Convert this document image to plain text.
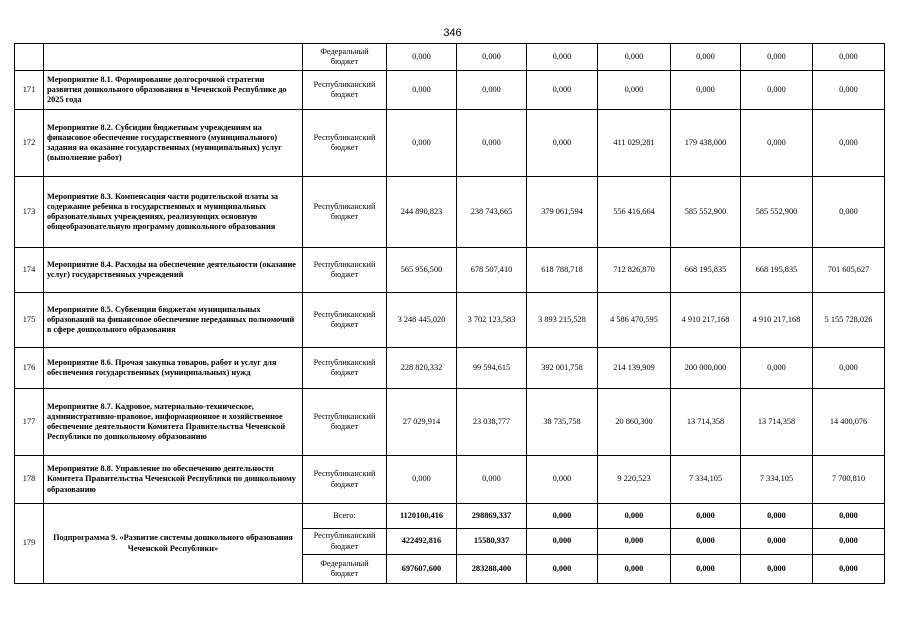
346
		Федеральный бюджет	0,000	0,000	0,000	0,000	0,000	0,000	0,000
171	Мероприятие 8.1. Формирование долгосрочной стратегии развития дошкольного образования в Чеченской Республике до 2025 года	Республиканский бюджет	0,000	0,000	0,000	0,000	0,000	0,000	0,000
172	Мероприятие 8.2. Субсидии бюджетным учреждениям на финансовое обеспечение государственного (муниципального) задания на оказание государственных (муниципальных) услуг (выполнение работ)	Республиканский бюджет	0,000	0,000	0,000	411 029,281	179 438,000	0,000	0,000
173	Мероприятие 8.3. Компенсация части родительской платы за содержание ребенка в государственных и муниципальных образовательных учреждениях, реализующих основную общеобразовательную программу дошкольного образования	Республиканский бюджет	244 890,823	238 743,665	379 061,594	556 416,664	585 552,900	585 552,900	0,000
174	Мероприятие 8.4. Расходы на обеспечение деятельности (оказание услуг) государственных учреждений	Республиканский бюджет	565 956,500	678 507,410	618 788,718	712 826,870	668 195,835	668 195,835	701 605,627
175	Мероприятие 8.5. Субвенции бюджетам муниципальных образований на финансовое обеспечение переданных полномочий в сфере дошкольного образования	Республиканский бюджет	3 248 445,020	3 702 123,583	3 893 215,528	4 586 470,595	4 910 217,168	4 910 217,168	5 155 728,026
176	Мероприятие 8.6. Прочая закупка товаров, работ и услуг для обеспечения государственных (муниципальных) нужд	Республиканский бюджет	228 820,332	99 594,615	392 001,758	214 139,909	200 000,000	0,000	0,000
177	Мероприятие 8.7. Кадровое, материально-техническое, административно-правовое, информационное и хозяйственное обеспечение деятельности Комитета Правительства Чеченской Республики по дошкольному образованию	Республиканский бюджет	27 029,914	23 038,777	38 735,758	20 860,300	13 714,358	13 714,358	14 400,076
178	Мероприятие 8.8. Управление по обеспечению деятельности Комитета Правительства Чеченской Республики по дошкольному образованию	Республиканский бюджет	0,000	0,000	0,000	9 220,523	7 334,105	7 334,105	7 700,810
179	Подпрограмма 9. «Развитие системы дошкольного образования Чеченской Республики»	Всего:	1120100,416	298869,337	0,000	0,000	0,000	0,000	0,000
		Республиканский бюджет	422492,816	15580,937	0,000	0,000	0,000	0,000	0,000
		Федеральный бюджет	697607,600	283288,400	0,000	0,000	0,000	0,000	0,000
